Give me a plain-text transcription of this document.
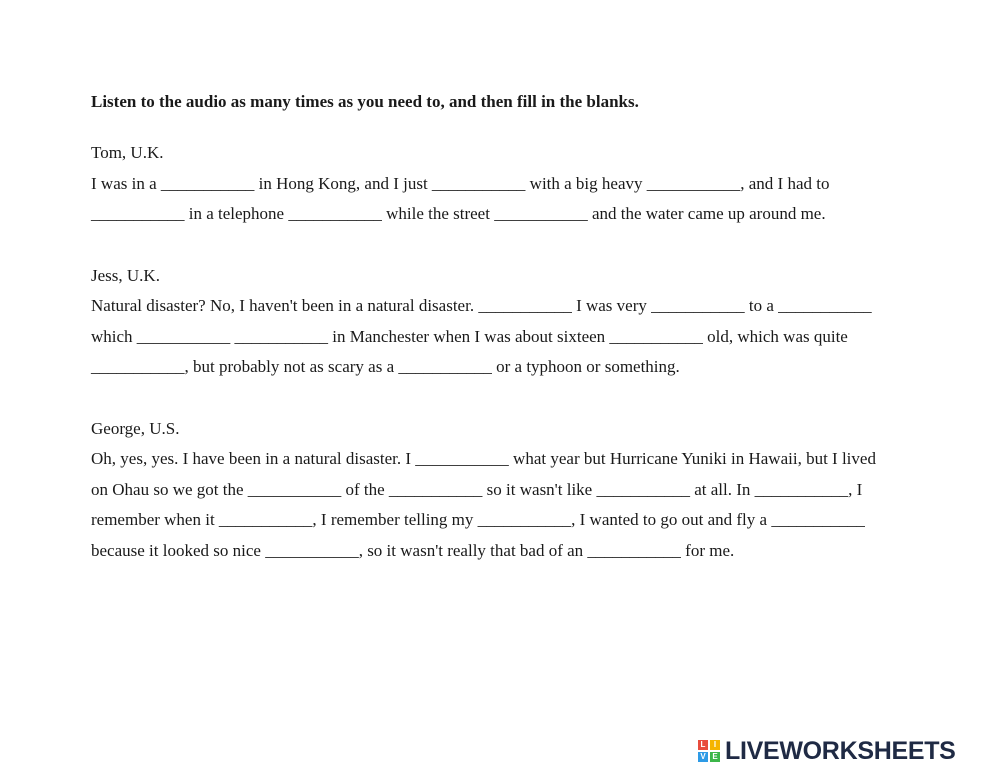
Listen to the audio as many times as you need to, and then fill in the blanks.
Tom, U.K.
I was in a ___________ in Hong Kong, and I just ___________ with a big heavy ___________, and I had to
___________ in a telephone ___________ while the street ___________ and the water came up around me.
Jess, U.K.
Natural disaster? No, I haven't been in a natural disaster. ___________ I was very ___________ to a ___________
which ___________ ___________ in Manchester when I was about sixteen ___________ old, which was quite
___________, but probably not as scary as a ___________ or a typhoon or something.
George, U.S.
Oh, yes, yes. I have been in a natural disaster. I ___________ what year but Hurricane Yuniki in Hawaii, but I lived
on Ohau so we got the ___________ of the ___________ so it wasn't like ___________ at all. In ___________, I
remember when it ___________, I remember telling my ___________, I wanted to go out and fly a ___________
because it looked so nice ___________, so it wasn't really that bad of an ___________ for me.
L	I
V E LIVEWORKSHEETS
